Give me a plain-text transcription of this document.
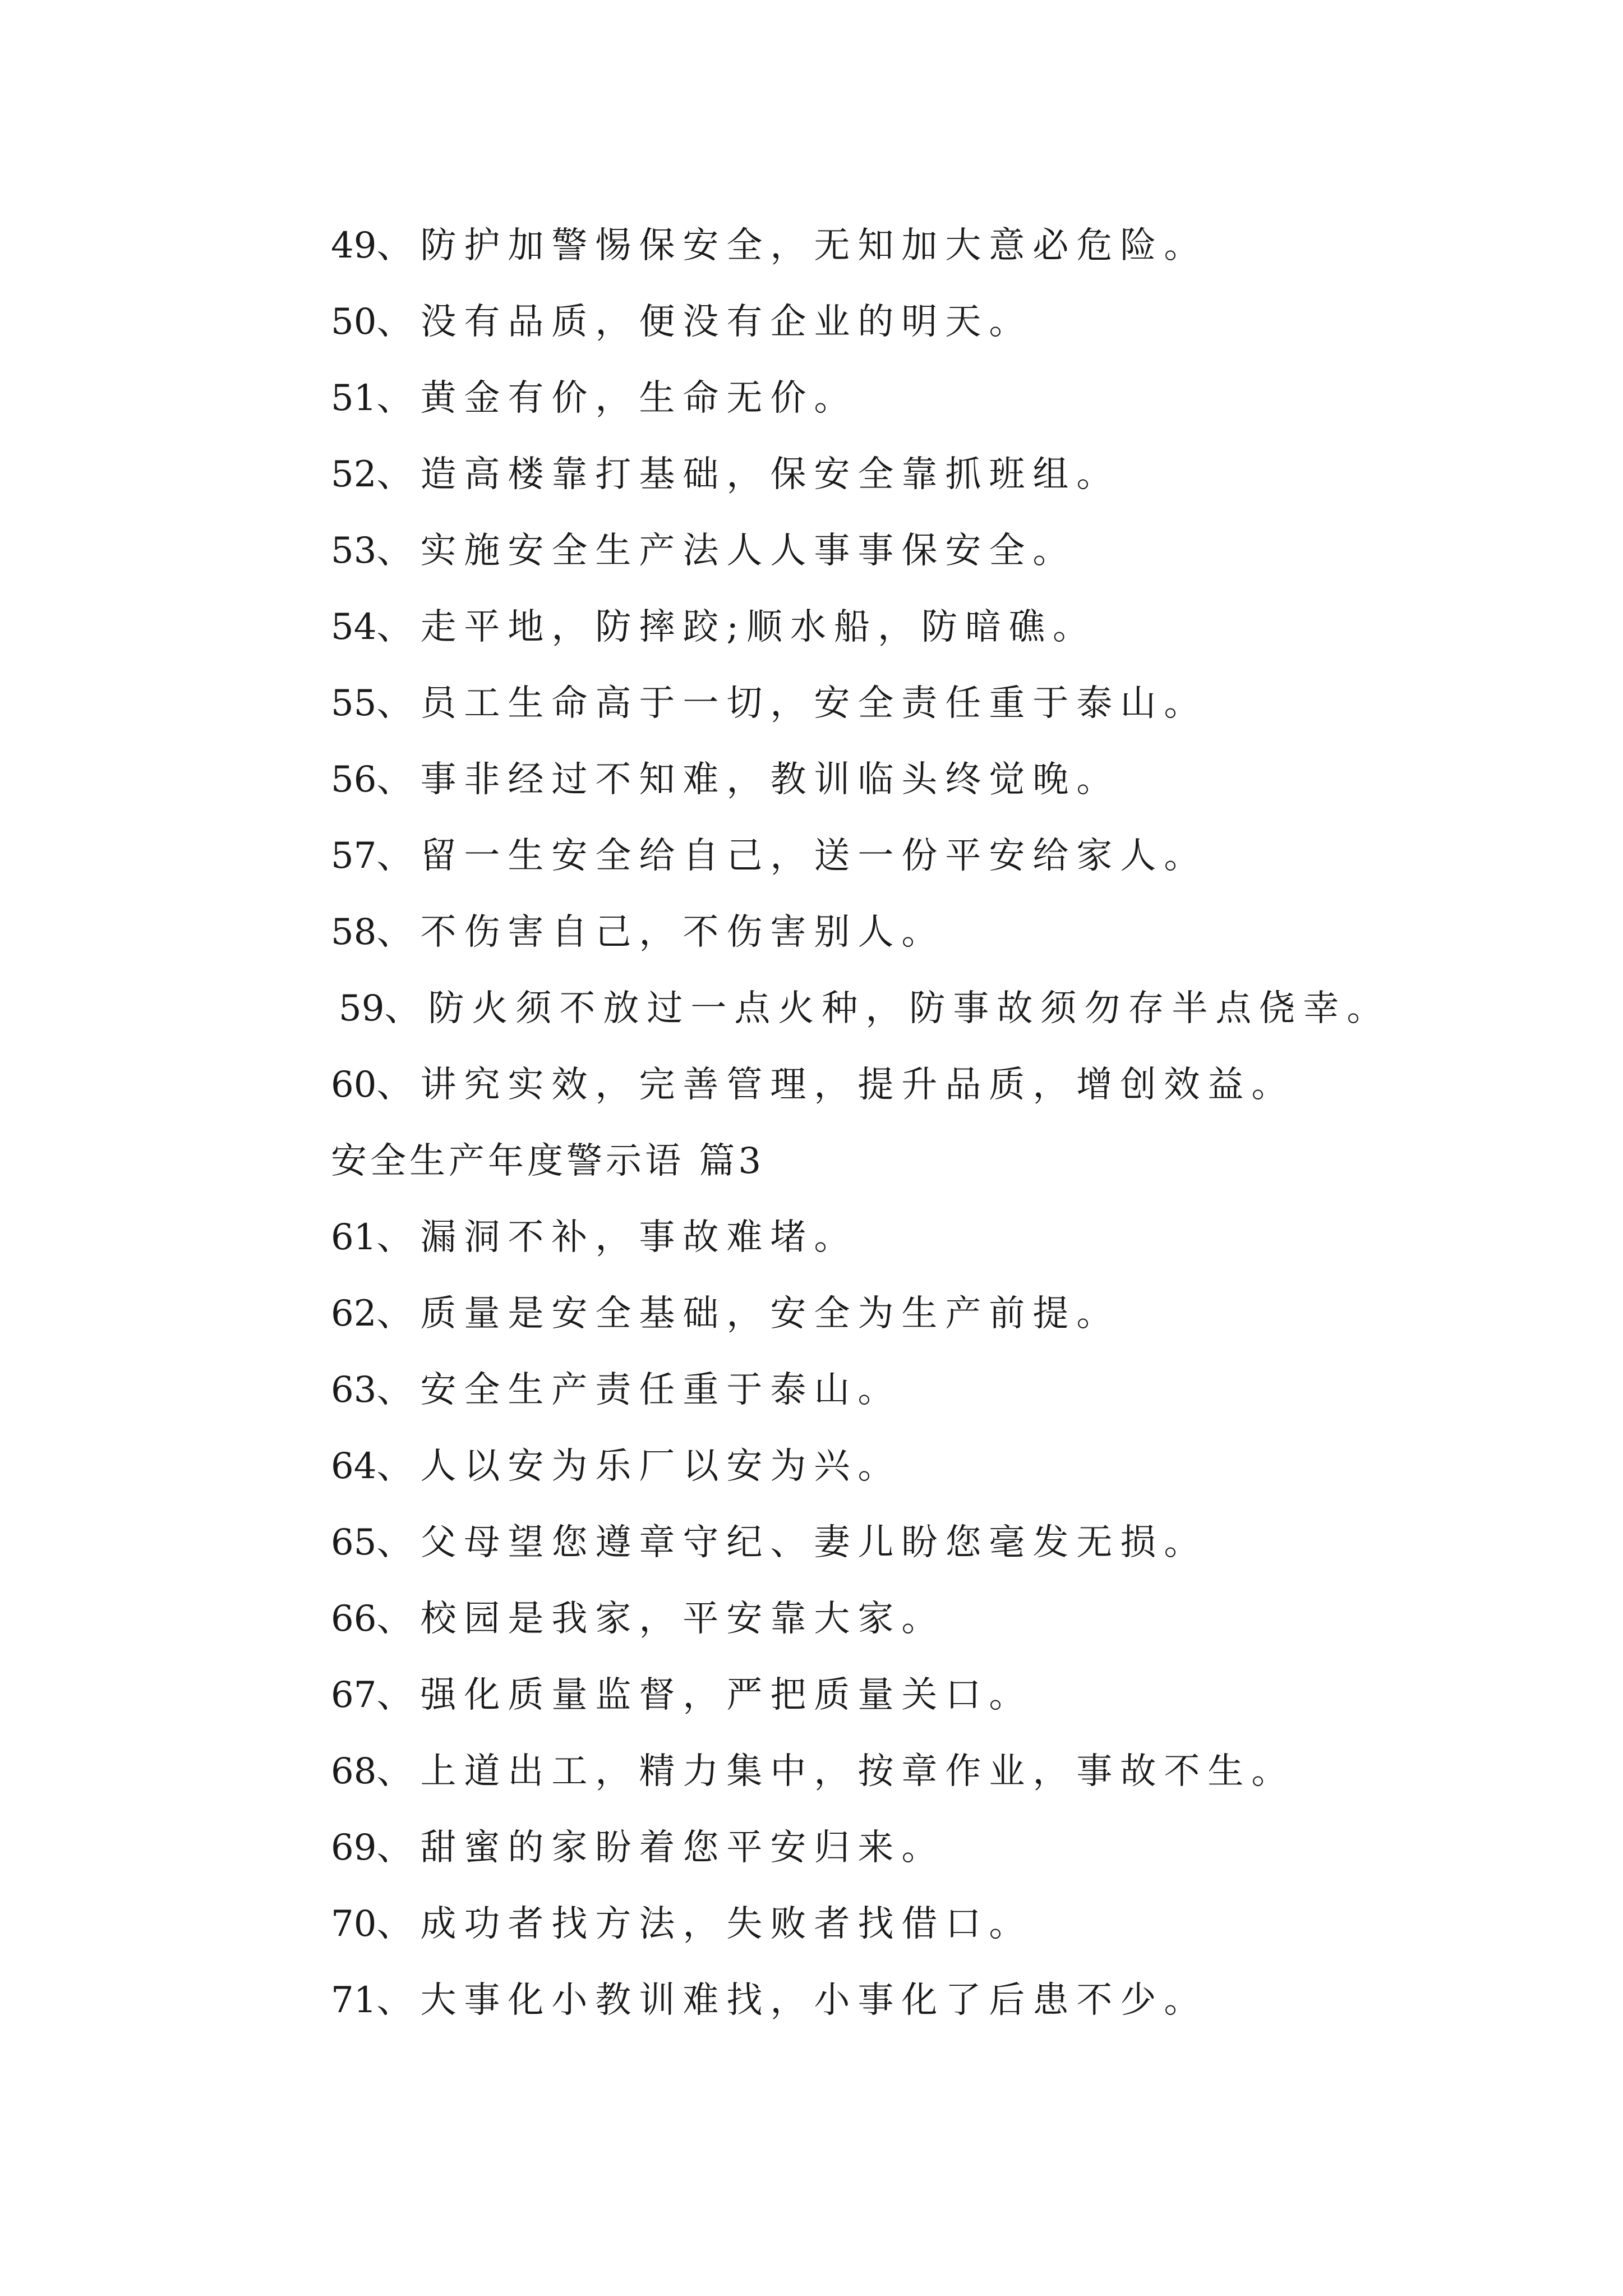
49、防护加警惕保安全，无知加大意必危险。
50、没有品质，便没有企业的明天。
51、黄金有价，生命无价。
52、造高楼靠打基础，保安全靠抓班组。
53、实施安全生产法人人事事保安全。
54、走平地，防摔跤;顺水船，防暗礁。
55、员工生命高于一切，安全责任重于泰山。
56、事非经过不知难，教训临头终觉晚。
57、留一生安全给自己，送一份平安给家人。
58、不伤害自己，不伤害别人。
59、防火须不放过一点火种，防事故须勿存半点侥幸。
60、讲究实效，完善管理，提升品质，增创效益。
安全生产年度警示语 篇3
61、漏洞不补，事故难堵。
62、质量是安全基础，安全为生产前提。
63、安全生产责任重于泰山。
64、人以安为乐厂以安为兴。
65、父母望您遵章守纪、妻儿盼您毫发无损。
66、校园是我家，平安靠大家。
67、强化质量监督，严把质量关口。
68、上道出工，精力集中，按章作业，事故不生。
69、甜蜜的家盼着您平安归来。
70、成功者找方法，失败者找借口。
71、大事化小教训难找，小事化了后患不少。
